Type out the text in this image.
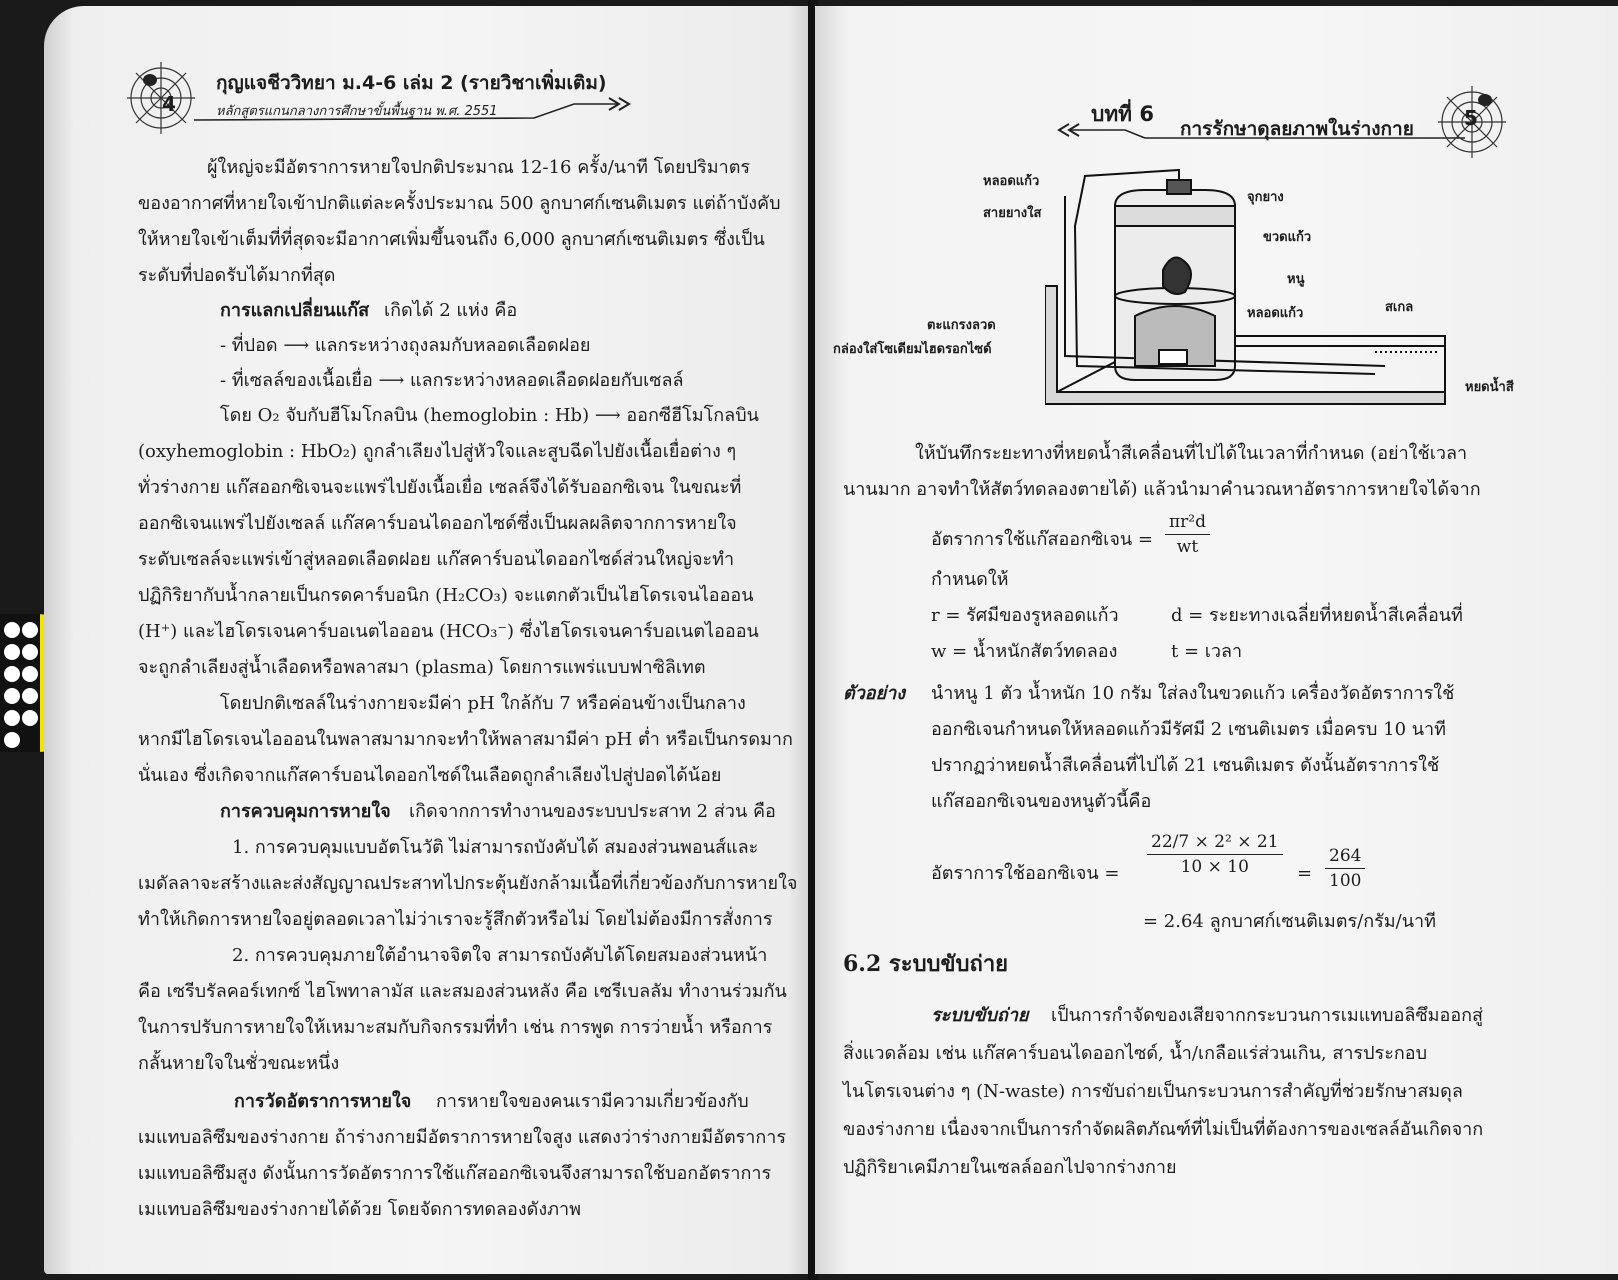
4
กุญแจชีววิทยา ม.4-6 เล่ม 2 (รายวิชาเพิ่มเติม)
หลักสูตรแกนกลางการศึกษาขั้นพื้นฐาน พ.ศ. 2551
ผู้ใหญ่จะมีอัตราการหายใจปกติประมาณ 12-16 ครั้ง/นาที โดยปริมาตร
ของอากาศที่หายใจเข้าปกติแต่ละครั้งประมาณ 500 ลูกบาศก์เซนติเมตร แต่ถ้าบังคับ
ให้หายใจเข้าเต็มที่ที่สุดจะมีอากาศเพิ่มขึ้นจนถึง 6,000 ลูกบาศก์เซนติเมตร ซึ่งเป็น
ระดับที่ปอดรับได้มากที่สุด
การแลกเปลี่ยนแก๊ส เกิดได้ 2 แห่ง คือ
- ที่ปอด ⟶ แลกระหว่างถุงลมกับหลอดเลือดฝอย
- ที่เซลล์ของเนื้อเยื่อ ⟶ แลกระหว่างหลอดเลือดฝอยกับเซลล์
โดย O₂ จับกับฮีโมโกลบิน (hemoglobin : Hb) ⟶ ออกซีฮีโมโกลบิน
(oxyhemoglobin : HbO₂) ถูกลำเลียงไปสู่หัวใจและสูบฉีดไปยังเนื้อเยื่อต่าง ๆ
ทั่วร่างกาย แก๊สออกซิเจนจะแพร่ไปยังเนื้อเยื่อ เซลล์จึงได้รับออกซิเจน ในขณะที่
ออกซิเจนแพร่ไปยังเซลล์ แก๊สคาร์บอนไดออกไซด์ซึ่งเป็นผลผลิตจากการหายใจ
ระดับเซลล์จะแพร่เข้าสู่หลอดเลือดฝอย แก๊สคาร์บอนไดออกไซด์ส่วนใหญ่จะทำ
ปฏิกิริยากับน้ำกลายเป็นกรดคาร์บอนิก (H₂CO₃) จะแตกตัวเป็นไฮโดรเจนไอออน
(H⁺) และไฮโดรเจนคาร์บอเนตไอออน (HCO₃⁻) ซึ่งไฮโดรเจนคาร์บอเนตไอออน
จะถูกลำเลียงสู่น้ำเลือดหรือพลาสมา (plasma) โดยการแพร่แบบฟาซิลิเทต
โดยปกติเซลล์ในร่างกายจะมีค่า pH ใกล้กับ 7 หรือค่อนข้างเป็นกลาง
หากมีไฮโดรเจนไอออนในพลาสมามากจะทำให้พลาสมามีค่า pH ต่ำ หรือเป็นกรดมาก
นั่นเอง ซึ่งเกิดจากแก๊สคาร์บอนไดออกไซด์ในเลือดถูกลำเลียงไปสู่ปอดได้น้อย
การควบคุมการหายใจ เกิดจากการทำงานของระบบประสาท 2 ส่วน คือ
1. การควบคุมแบบอัตโนวัติ ไม่สามารถบังคับได้ สมองส่วนพอนส์และ
เมดัลลาจะสร้างและส่งสัญญาณประสาทไปกระตุ้นยังกล้ามเนื้อที่เกี่ยวข้องกับการหายใจ
ทำให้เกิดการหายใจอยู่ตลอดเวลาไม่ว่าเราจะรู้สึกตัวหรือไม่ โดยไม่ต้องมีการสั่งการ
2. การควบคุมภายใต้อำนาจจิตใจ สามารถบังคับได้โดยสมองส่วนหน้า
คือ เซรีบรัลคอร์เทกซ์ ไฮโพทาลามัส และสมองส่วนหลัง คือ เซรีเบลลัม ทำงานร่วมกัน
ในการปรับการหายใจให้เหมาะสมกับกิจกรรมที่ทำ เช่น การพูด การว่ายน้ำ หรือการ
กลั้นหายใจในชั่วขณะหนึ่ง
การวัดอัตราการหายใจ การหายใจของคนเรามีความเกี่ยวข้องกับ
เมแทบอลิซึมของร่างกาย ถ้าร่างกายมีอัตราการหายใจสูง แสดงว่าร่างกายมีอัตราการ
เมแทบอลิซึมสูง ดังนั้นการวัดอัตราการใช้แก๊สออกซิเจนจึงสามารถใช้บอกอัตราการ
เมแทบอลิซึมของร่างกายได้ด้วย โดยจัดการทดลองดังภาพ
บทที่ 6
การรักษาดุลยภาพในร่างกาย	5
หลอดแก้ว
สายยางใส
จุกยาง
ขวดแก้ว
หนู
หลอดแก้ว	สเกล
ตะแกรงลวด
กล่องใส่โซเดียมไฮดรอกไซด์
หยดน้ำสี
ให้บันทึกระยะทางที่หยดน้ำสีเคลื่อนที่ไปได้ในเวลาที่กำหนด (อย่าใช้เวลา
นานมาก อาจทำให้สัตว์ทดลองตายได้) แล้วนำมาคำนวณหาอัตราการหายใจได้จาก
อัตราการใช้แก๊สออกซิเจน = $\frac{\text{πr²d}}{wt}$
กำหนดให้
r = รัศมีของรูหลอดแก้ว	d = ระยะทางเฉลี่ยที่หยดน้ำสีเคลื่อนที่
w = น้ำหนักสัตว์ทดลอง	t = เวลา
ตัวอย่าง นำหนู 1 ตัว น้ำหนัก 10 กรัม ใส่ลงในขวดแก้ว เครื่องวัดอัตราการใช้
ออกซิเจนกำหนดให้หลอดแก้วมีรัศมี 2 เซนติเมตร เมื่อครบ 10 นาที
ปรากฏว่าหยดน้ำสีเคลื่อนที่ไปได้ 21 เซนติเมตร ดังนั้นอัตราการใช้
แก๊สออกซิเจนของหนูตัวนี้คือ
อัตราการใช้ออกซิเจน = $\frac{\text{22/7 × 2² × 21}}{10 \times 10} = \frac{264}{100}$
= 2.64 ลูกบาศก์เซนติเมตร/กรัม/นาที
6.2 ระบบขับถ่าย
ระบบขับถ่าย เป็นการกำจัดของเสียจากกระบวนการเมแทบอลิซึมออกสู่
สิ่งแวดล้อม เช่น แก๊สคาร์บอนไดออกไซด์, น้ำ/เกลือแร่ส่วนเกิน, สารประกอบ
ไนโตรเจนต่าง ๆ (N-waste) การขับถ่ายเป็นกระบวนการสำคัญที่ช่วยรักษาสมดุล
ของร่างกาย เนื่องจากเป็นการกำจัดผลิตภัณฑ์ที่ไม่เป็นที่ต้องการของเซลล์อันเกิดจาก
ปฏิกิริยาเคมีภายในเซลล์ออกไปจากร่างกาย
